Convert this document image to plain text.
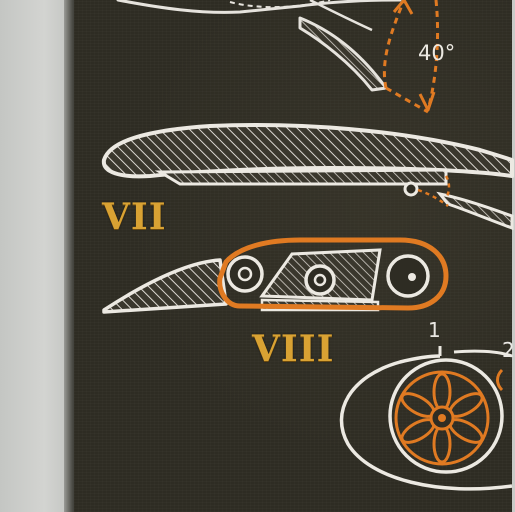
40°
VII
VIII	1
2
